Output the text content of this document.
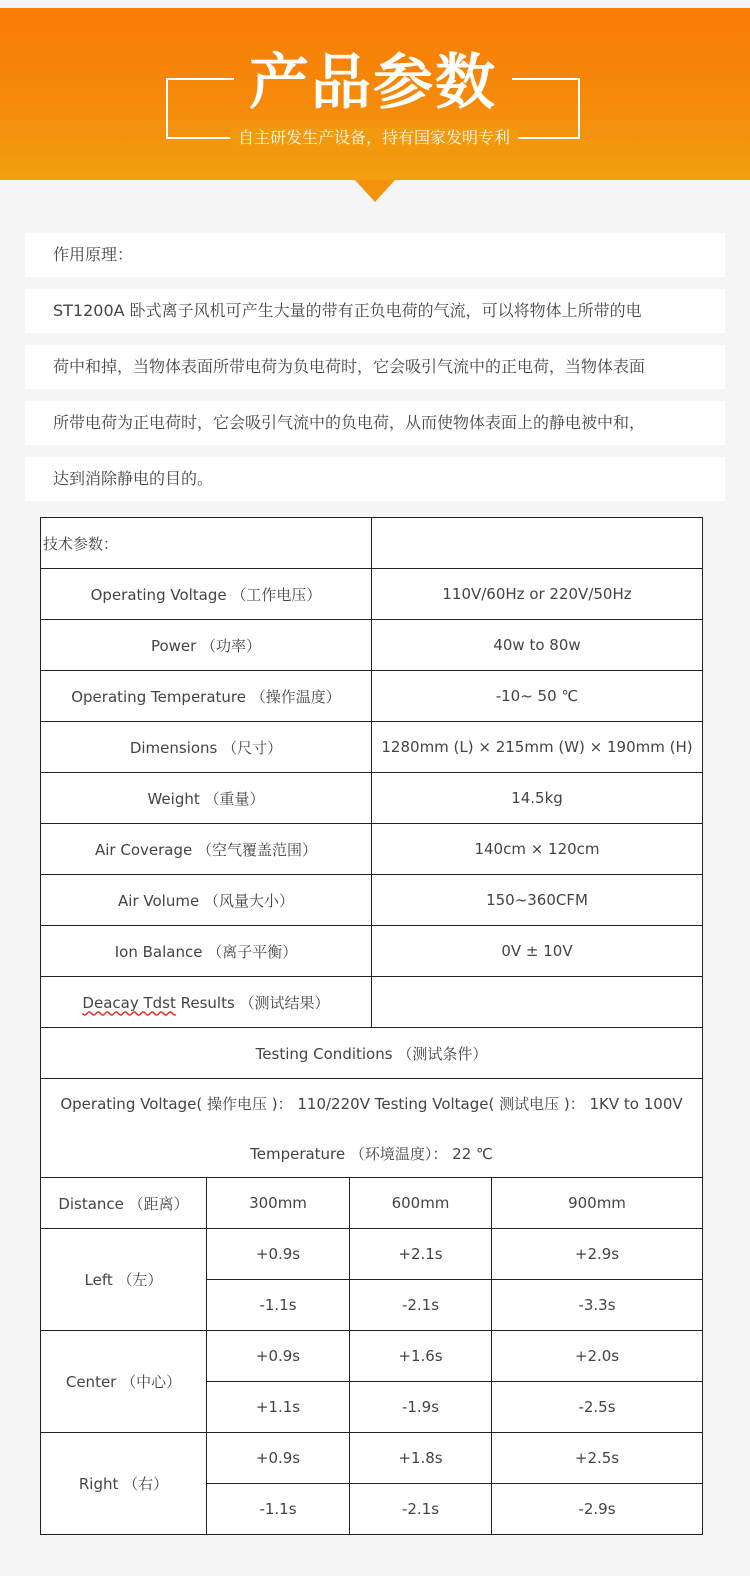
产品参数
自主研发生产设备，持有国家发明专利
作用原理：
ST1200A 卧式离子风机可产生大量的带有正负电荷的气流，可以将物体上所带的电
荷中和掉，当物体表面所带电荷为负电荷时，它会吸引气流中的正电荷，当物体表面
所带电荷为正电荷时，它会吸引气流中的负电荷，从而使物体表面上的静电被中和，
达到消除静电的目的。
技术参数：	
Operating Voltage （工作电压）	110V/60Hz or 220V/50Hz
Power （功率）	40w to 80w
Operating Temperature （操作温度）	-10~ 50 ℃
Dimensions （尺寸）	1280mm (L) × 215mm (W) × 190mm (H)
Weight （重量）	14.5kg
Air Coverage （空气覆盖范围）	140cm × 120cm
Air Volume （风量大小）	150~360CFM
Ion Balance （离子平衡）	0V ± 10V
Deacay Tdst Results （测试结果）	
Testing Conditions （测试条件）	
Operating Voltage( 操作电压 )： 110/220V Testing Voltage( 测试电压 )： 1KV to 100V Temperature （环境温度）： 22 ℃	
Distance （距离）	300mm	600mm	900mm
Left （左）	+0.9s	+2.1s	+2.9s
	-1.1s	-2.1s	-3.3s
Center （中心）	+0.9s	+1.6s	+2.0s
	+1.1s	-1.9s	-2.5s
Right （右）	+0.9s	+1.8s	+2.5s
	-1.1s	-2.1s	-2.9s
